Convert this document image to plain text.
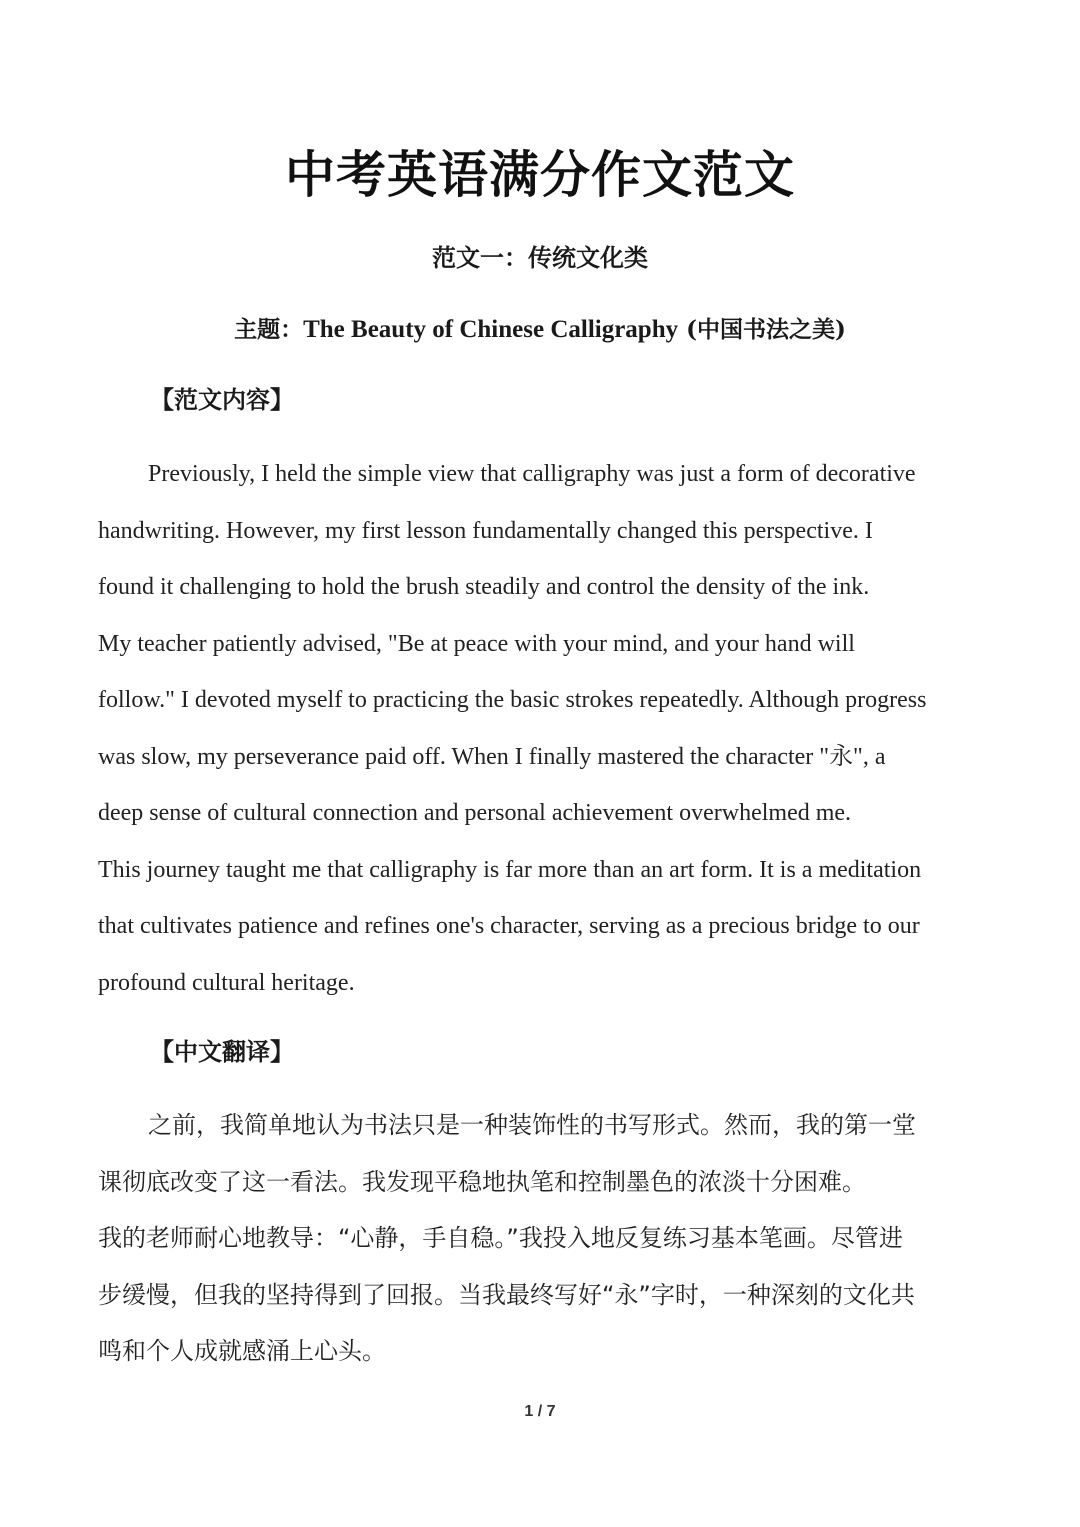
中考英语满分作文范文
范文一：传统文化类
主题：The Beauty of Chinese Calligraphy (中国书法之美)
【范文内容】
Previously, I held the simple view that calligraphy was just a form of decorative
handwriting. However, my first lesson fundamentally changed this perspective. I
found it challenging to hold the brush steadily and control the density of the ink.
My teacher patiently advised, "Be at peace with your mind, and your hand will
follow." I devoted myself to practicing the basic strokes repeatedly. Although progress
was slow, my perseverance paid off. When I finally mastered the character "永", a
deep sense of cultural connection and personal achievement overwhelmed me.
This journey taught me that calligraphy is far more than an art form. It is a meditation
that cultivates patience and refines one's character, serving as a precious bridge to our
profound cultural heritage.
【中文翻译】
之前，我简单地认为书法只是一种装饰性的书写形式。然而，我的第一堂
课彻底改变了这一看法。我发现平稳地执笔和控制墨色的浓淡十分困难。
我的老师耐心地教导：“心静，手自稳。”我投入地反复练习基本笔画。尽管进
步缓慢，但我的坚持得到了回报。当我最终写好“永”字时，一种深刻的文化共
鸣和个人成就感涌上心头。
1 / 7
